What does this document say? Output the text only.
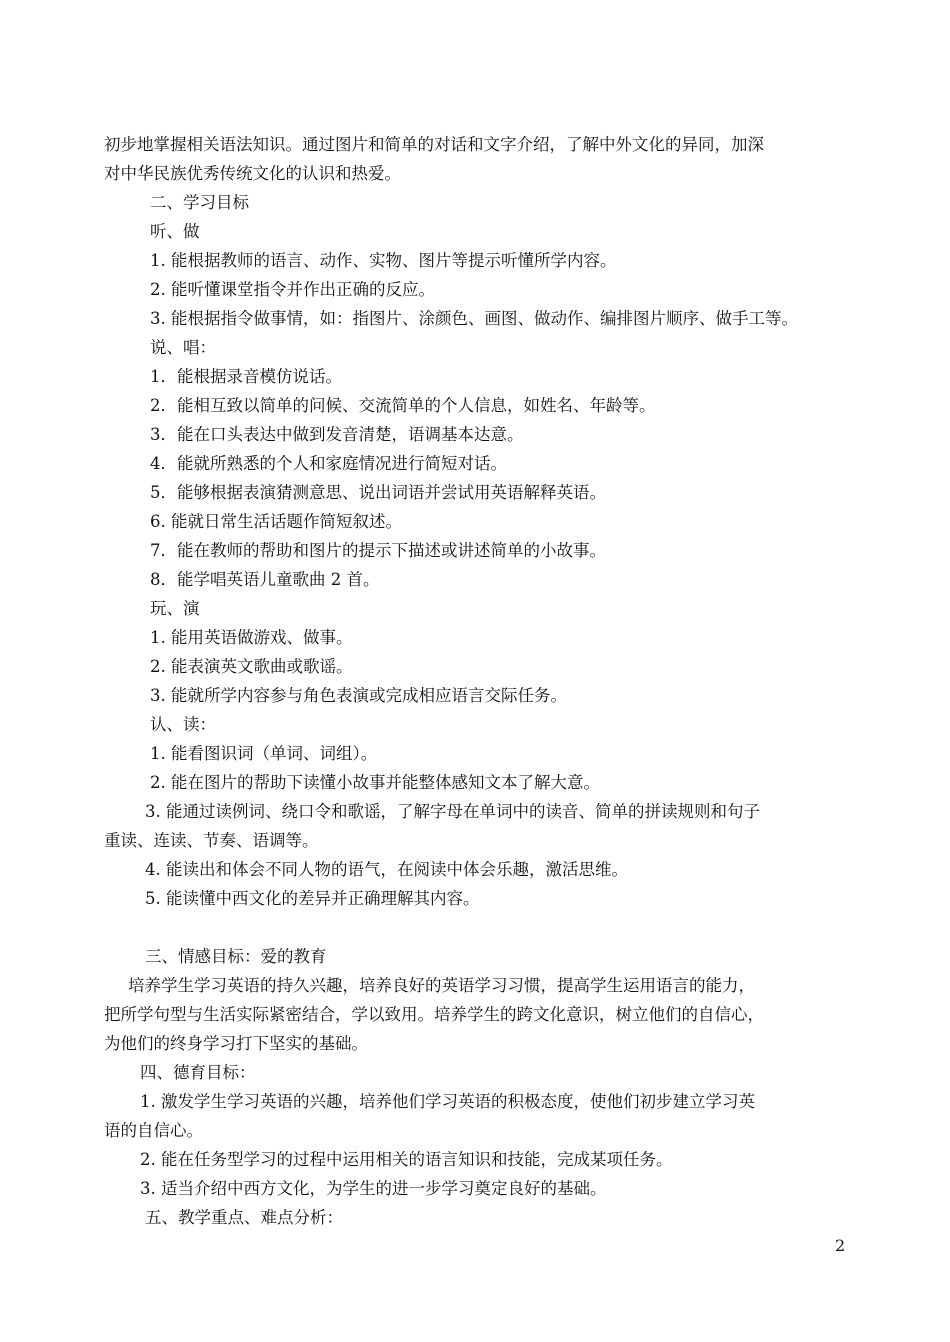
初步地掌握相关语法知识。通过图片和简单的对话和文字介绍，了解中外文化的异同，加深
对中华民族优秀传统文化的认识和热爱。
二、学习目标
听、做
1. 能根据教师的语言、动作、实物、图片等提示听懂所学内容。
2. 能听懂课堂指令并作出正确的反应。
3. 能根据指令做事情，如：指图片、涂颜色、画图、做动作、编排图片顺序、做手工等。
说、唱：
1．能根据录音模仿说话。
2．能相互致以简单的问候、交流简单的个人信息，如姓名、年龄等。
3．能在口头表达中做到发音清楚，语调基本达意。
4．能就所熟悉的个人和家庭情况进行简短对话。
5．能够根据表演猜测意思、说出词语并尝试用英语解释英语。
6. 能就日常生活话题作简短叙述。
7．能在教师的帮助和图片的提示下描述或讲述简单的小故事。
8．能学唱英语儿童歌曲 2 首。
玩、演
1. 能用英语做游戏、做事。
2. 能表演英文歌曲或歌谣。
3. 能就所学内容参与角色表演或完成相应语言交际任务。
认、读：
1. 能看图识词（单词、词组）。
2. 能在图片的帮助下读懂小故事并能整体感知文本了解大意。
3. 能通过读例词、绕口令和歌谣，了解字母在单词中的读音、简单的拼读规则和句子
重读、连读、节奏、语调等。
4. 能读出和体会不同人物的语气，在阅读中体会乐趣，激活思维。
5. 能读懂中西文化的差异并正确理解其内容。
三、情感目标：爱的教育
培养学生学习英语的持久兴趣，培养良好的英语学习习惯，提高学生运用语言的能力，
把所学句型与生活实际紧密结合，学以致用。培养学生的跨文化意识，树立他们的自信心，
为他们的终身学习打下坚实的基础。
四、德育目标：
1. 激发学生学习英语的兴趣，培养他们学习英语的积极态度，使他们初步建立学习英
语的自信心。
2. 能在任务型学习的过程中运用相关的语言知识和技能，完成某项任务。
3. 适当介绍中西方文化，为学生的进一步学习奠定良好的基础。
五、教学重点、难点分析：
2
